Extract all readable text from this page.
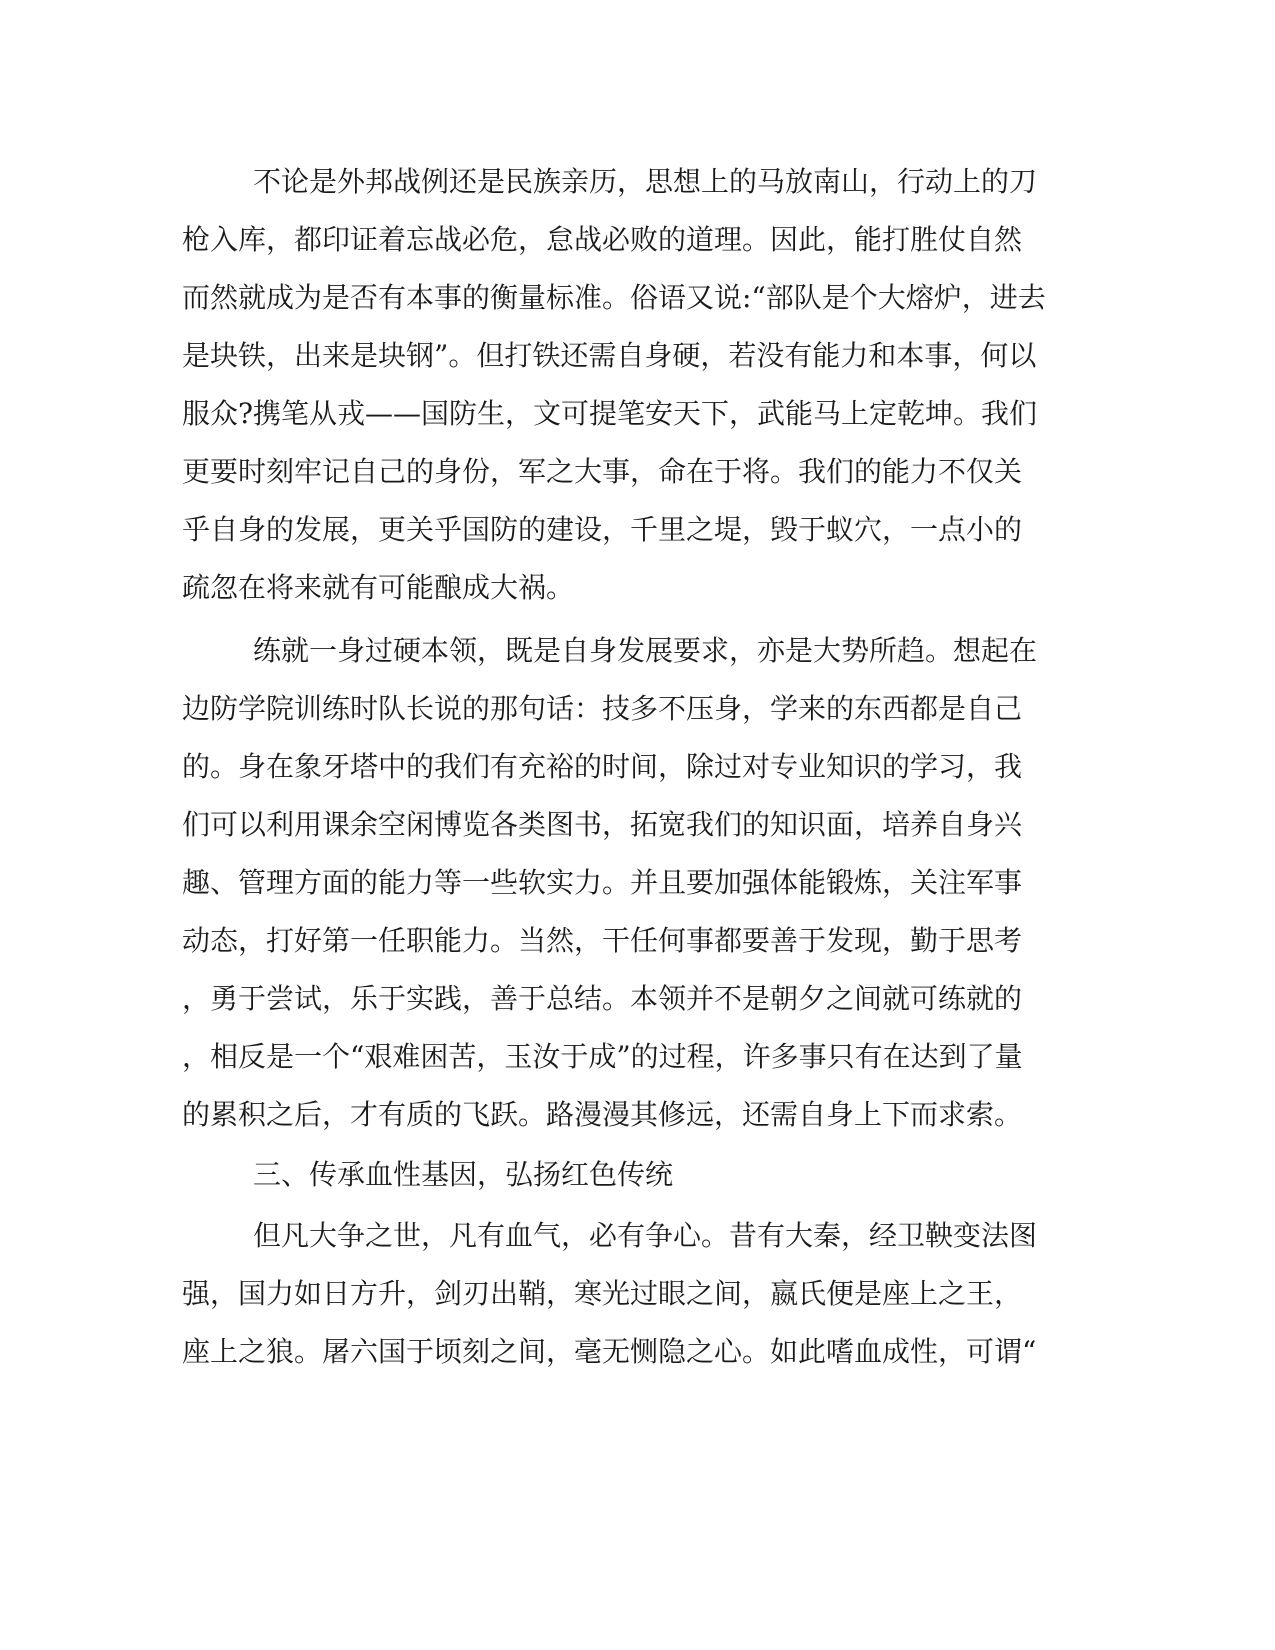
不论是外邦战例还是民族亲历，思想上的马放南山，行动上的刀

枪入库，都印证着忘战必危，怠战必败的道理。因此，能打胜仗自然

而然就成为是否有本事的衡量标准。俗语又说:“部队是个大熔炉，进去

是块铁，出来是块钢”。但打铁还需自身硬，若没有能力和本事，何以

服众?携笔从戎——国防生，文可提笔安天下，武能马上定乾坤。我们

更要时刻牢记自己的身份，军之大事，命在于将。我们的能力不仅关

乎自身的发展，更关乎国防的建设，千里之堤，毁于蚁穴，一点小的

疏忽在将来就有可能酿成大祸。

练就一身过硬本领，既是自身发展要求，亦是大势所趋。想起在

边防学院训练时队长说的那句话：技多不压身，学来的东西都是自己

的。身在象牙塔中的我们有充裕的时间，除过对专业知识的学习，我

们可以利用课余空闲博览各类图书，拓宽我们的知识面，培养自身兴

趣、管理方面的能力等一些软实力。并且要加强体能锻炼，关注军事

动态，打好第一任职能力。当然，干任何事都要善于发现，勤于思考

，勇于尝试，乐于实践，善于总结。本领并不是朝夕之间就可练就的

，相反是一个“艰难困苦，玉汝于成”的过程，许多事只有在达到了量

的累积之后，才有质的飞跃。路漫漫其修远，还需自身上下而求索。

三、传承血性基因，弘扬红色传统

但凡大争之世，凡有血气，必有争心。昔有大秦，经卫鞅变法图

强，国力如日方升，剑刃出鞘，寒光过眼之间，嬴氏便是座上之王，

座上之狼。屠六国于顷刻之间，毫无恻隐之心。如此嗜血成性，可谓“
